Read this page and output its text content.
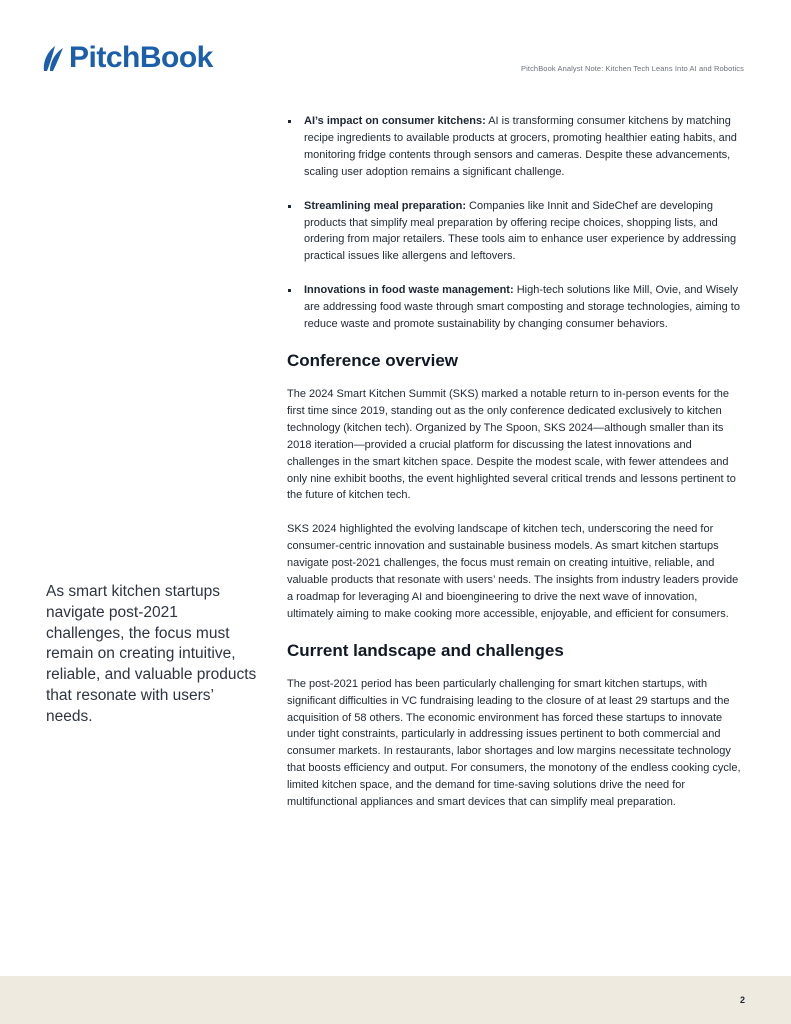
PitchBook	PitchBook Analyst Note: Kitchen Tech Leans Into AI and Robotics
AI’s impact on consumer kitchens: AI is transforming consumer kitchens by matching recipe ingredients to available products at grocers, promoting healthier eating habits, and monitoring fridge contents through sensors and cameras. Despite these advancements, scaling user adoption remains a significant challenge.
Streamlining meal preparation: Companies like Innit and SideChef are developing products that simplify meal preparation by offering recipe choices, shopping lists, and ordering from major retailers. These tools aim to enhance user experience by addressing practical issues like allergens and leftovers.
Innovations in food waste management: High-tech solutions like Mill, Ovie, and Wisely are addressing food waste through smart composting and storage technologies, aiming to reduce waste and promote sustainability by changing consumer behaviors.
Conference overview

The 2024 Smart Kitchen Summit (SKS) marked a notable return to in-person events for the first time since 2019, standing out as the only conference dedicated exclusively to kitchen technology (kitchen tech). Organized by The Spoon, SKS 2024—although smaller than its 2018 iteration—provided a crucial platform for discussing the latest innovations and challenges in the smart kitchen space. Despite the modest scale, with fewer attendees and only nine exhibit booths, the event highlighted several critical trends and lessons pertinent to the future of kitchen tech.

SKS 2024 highlighted the evolving landscape of kitchen tech, underscoring the need for consumer-centric innovation and sustainable business models. As smart kitchen startups navigate post-2021 challenges, the focus must remain on creating intuitive, reliable, and valuable products that resonate with users’ needs. The insights from industry leaders provide a roadmap for leveraging AI and bioengineering to drive the next wave of innovation, ultimately aiming to make cooking more accessible, enjoyable, and efficient for consumers.

Current landscape and challenges

The post-2021 period has been particularly challenging for smart kitchen startups, with significant difficulties in VC fundraising leading to the closure of at least 29 startups and the acquisition of 58 others. The economic environment has forced these startups to innovate under tight constraints, particularly in addressing issues pertinent to both commercial and consumer markets. In restaurants, labor shortages and low margins necessitate technology that boosts efficiency and output. For consumers, the monotony of the endless cooking cycle, limited kitchen space, and the demand for time-saving solutions drive the need for multifunctional appliances and smart devices that can simplify meal preparation.

As smart kitchen startups navigate post-2021 challenges, the focus must remain on creating intuitive, reliable, and valuable products that resonate with users’ needs.
2
